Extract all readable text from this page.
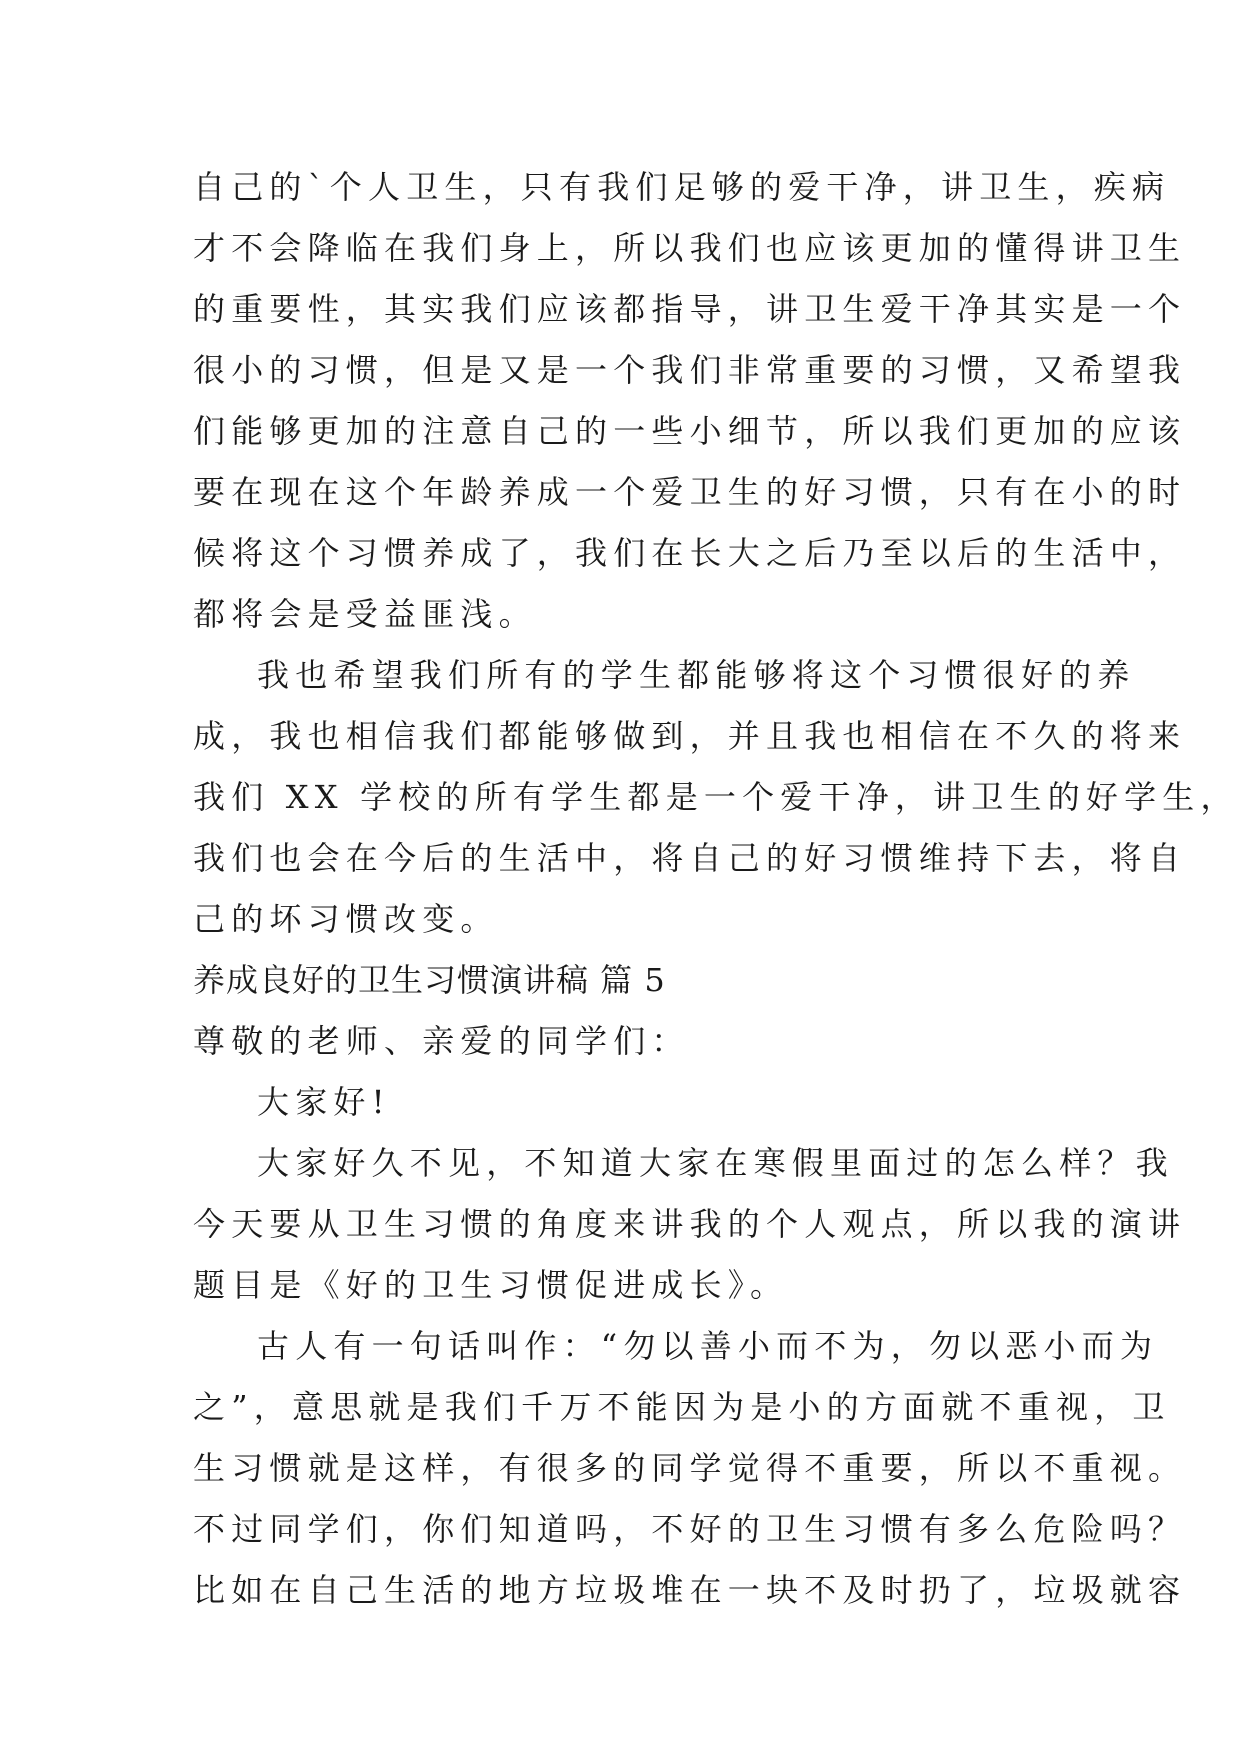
自己的`个人卫生，只有我们足够的爱干净，讲卫生，疾病
才不会降临在我们身上，所以我们也应该更加的懂得讲卫生
的重要性，其实我们应该都指导，讲卫生爱干净其实是一个
很小的习惯，但是又是一个我们非常重要的习惯，又希望我
们能够更加的注意自己的一些小细节，所以我们更加的应该
要在现在这个年龄养成一个爱卫生的好习惯，只有在小的时
候将这个习惯养成了，我们在长大之后乃至以后的生活中，
都将会是受益匪浅。
我也希望我们所有的学生都能够将这个习惯很好的养
成，我也相信我们都能够做到，并且我也相信在不久的将来
我们 XX 学校的所有学生都是一个爱干净，讲卫生的好学生，
我们也会在今后的生活中，将自己的好习惯维持下去，将自
己的坏习惯改变。
养成良好的卫生习惯演讲稿 篇 5
尊敬的老师、亲爱的同学们：
大家好!
大家好久不见，不知道大家在寒假里面过的怎么样？我
今天要从卫生习惯的角度来讲我的个人观点，所以我的演讲
题目是《好的卫生习惯促进成长》。
古人有一句话叫作：“勿以善小而不为，勿以恶小而为
之”，意思就是我们千万不能因为是小的方面就不重视，卫
生习惯就是这样，有很多的同学觉得不重要，所以不重视。
不过同学们，你们知道吗，不好的卫生习惯有多么危险吗？
比如在自己生活的地方垃圾堆在一块不及时扔了，垃圾就容
